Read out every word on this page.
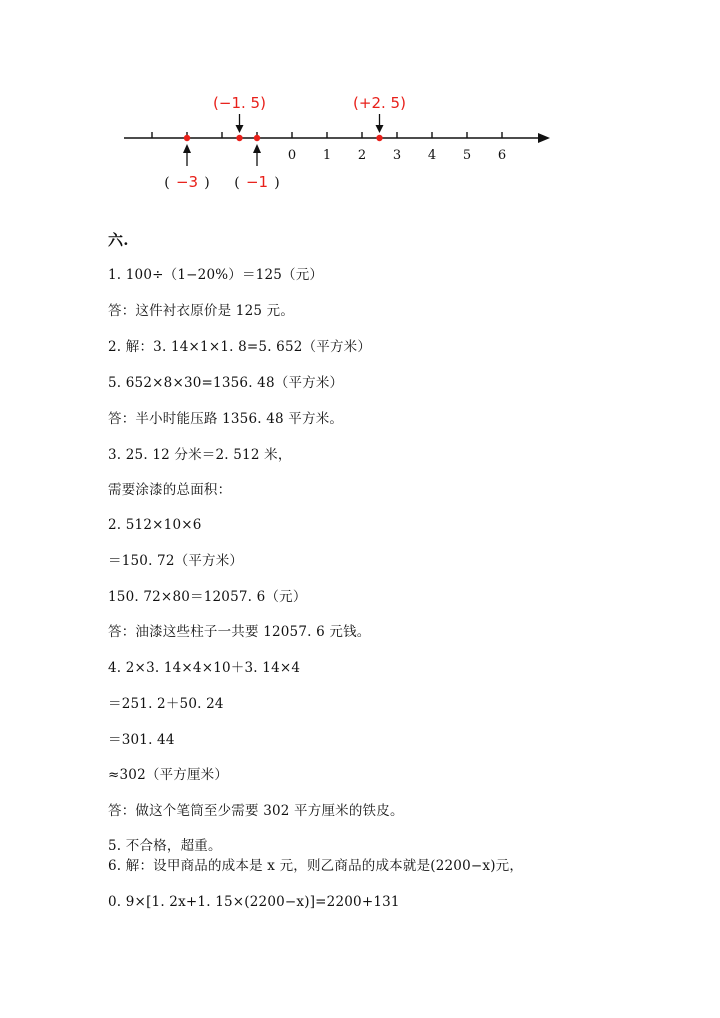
0 1 2 3 4 5 6
(−1. 5)	(+2. 5)
( −3 ) ( −1 )
六.
1. 100÷（1−20%）＝125（元）
答：这件衬衣原价是 125 元。
2. 解：3. 14×1×1. 8=5. 652（平方米）
5. 652×8×30=1356. 48（平方米）
答：半小时能压路 1356. 48 平方米。
3. 25. 12 分米＝2. 512 米，
需要涂漆的总面积：
2. 512×10×6
＝150. 72（平方米）
150. 72×80＝12057. 6（元）
答：油漆这些柱子一共要 12057. 6 元钱。
4. 2×3. 14×4×10＋3. 14×4
＝251. 2＋50. 24
＝301. 44
≈302（平方厘米）
答：做这个笔筒至少需要 302 平方厘米的铁皮。
5. 不合格，超重。
6. 解：设甲商品的成本是 x 元，则乙商品的成本就是(2200−x)元，
0. 9×[1. 2x+1. 15×(2200−x)]=2200+131
